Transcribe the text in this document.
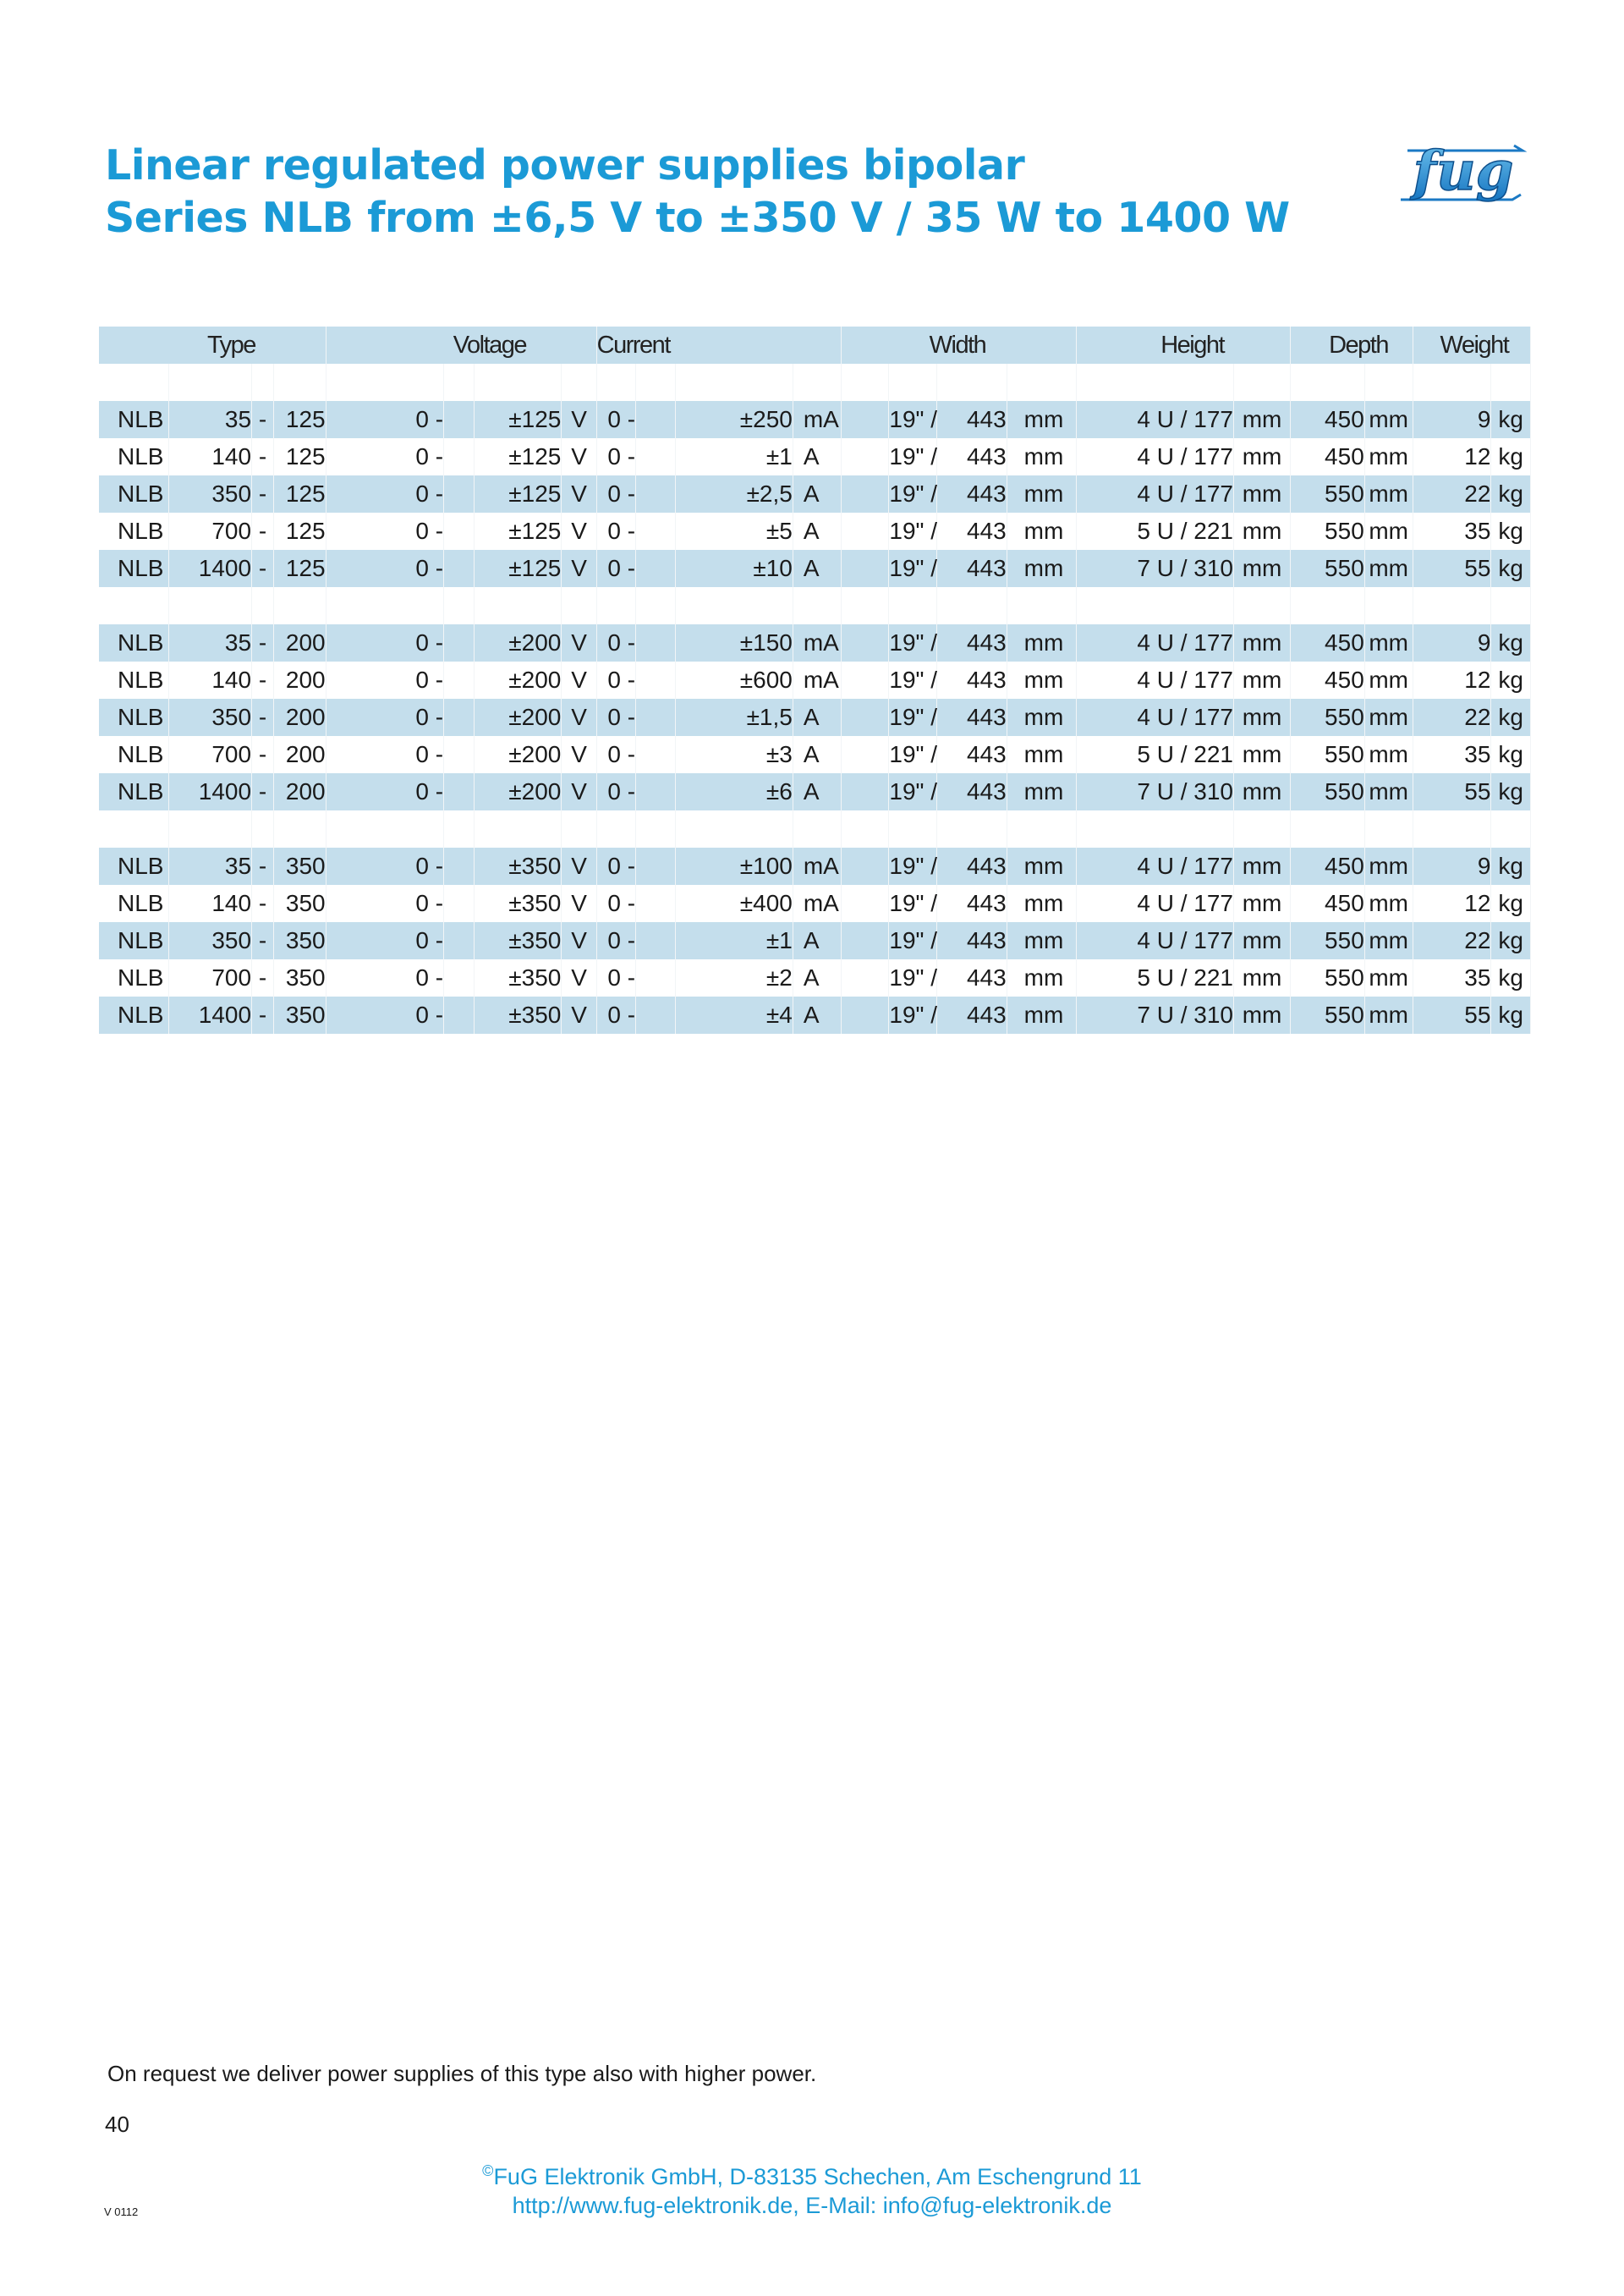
Linear regulated power supplies bipolar
Series NLB from ±6,5 V to ±350 V / 35 W to 1400 W
fug
Type				Voltage				Current				Width				Height		Depth		Weight	

NLB	35	-	125	0 -		±125	V	0 -		±250	mA		19" /	443	mm	4 U / 177	mm	450	mm	9	kg
NLB	140	-	125	0 -		±125	V	0 -		±1	A		19" /	443	mm	4 U / 177	mm	450	mm	12	kg
NLB	350	-	125	0 -		±125	V	0 -		±2,5	A		19" /	443	mm	4 U / 177	mm	550	mm	22	kg
NLB	700	-	125	0 -		±125	V	0 -		±5	A		19" /	443	mm	5 U / 221	mm	550	mm	35	kg
NLB	1400	-	125	0 -		±125	V	0 -		±10	A		19" /	443	mm	7 U / 310	mm	550	mm	55	kg

NLB	35	-	200	0 -		±200	V	0 -		±150	mA		19" /	443	mm	4 U / 177	mm	450	mm	9	kg
NLB	140	-	200	0 -		±200	V	0 -		±600	mA		19" /	443	mm	4 U / 177	mm	450	mm	12	kg
NLB	350	-	200	0 -		±200	V	0 -		±1,5	A		19" /	443	mm	4 U / 177	mm	550	mm	22	kg
NLB	700	-	200	0 -		±200	V	0 -		±3	A		19" /	443	mm	5 U / 221	mm	550	mm	35	kg
NLB	1400	-	200	0 -		±200	V	0 -		±6	A		19" /	443	mm	7 U / 310	mm	550	mm	55	kg

NLB	35	-	350	0 -		±350	V	0 -		±100	mA		19" /	443	mm	4 U / 177	mm	450	mm	9	kg
NLB	140	-	350	0 -		±350	V	0 -		±400	mA		19" /	443	mm	4 U / 177	mm	450	mm	12	kg
NLB	350	-	350	0 -		±350	V	0 -		±1	A		19" /	443	mm	4 U / 177	mm	550	mm	22	kg
NLB	700	-	350	0 -		±350	V	0 -		±2	A		19" /	443	mm	5 U / 221	mm	550	mm	35	kg
NLB	1400	-	350	0 -		±350	V	0 -		±4	A		19" /	443	mm	7 U / 310	mm	550	mm	55	kg

On request we deliver power supplies of this type also with higher power.

40
©FuG Elektronik GmbH, D-83135 Schechen, Am Eschengrund 11
http://www.fug-elektronik.de, E-Mail: info@fug-elektronik.de
V 0112
